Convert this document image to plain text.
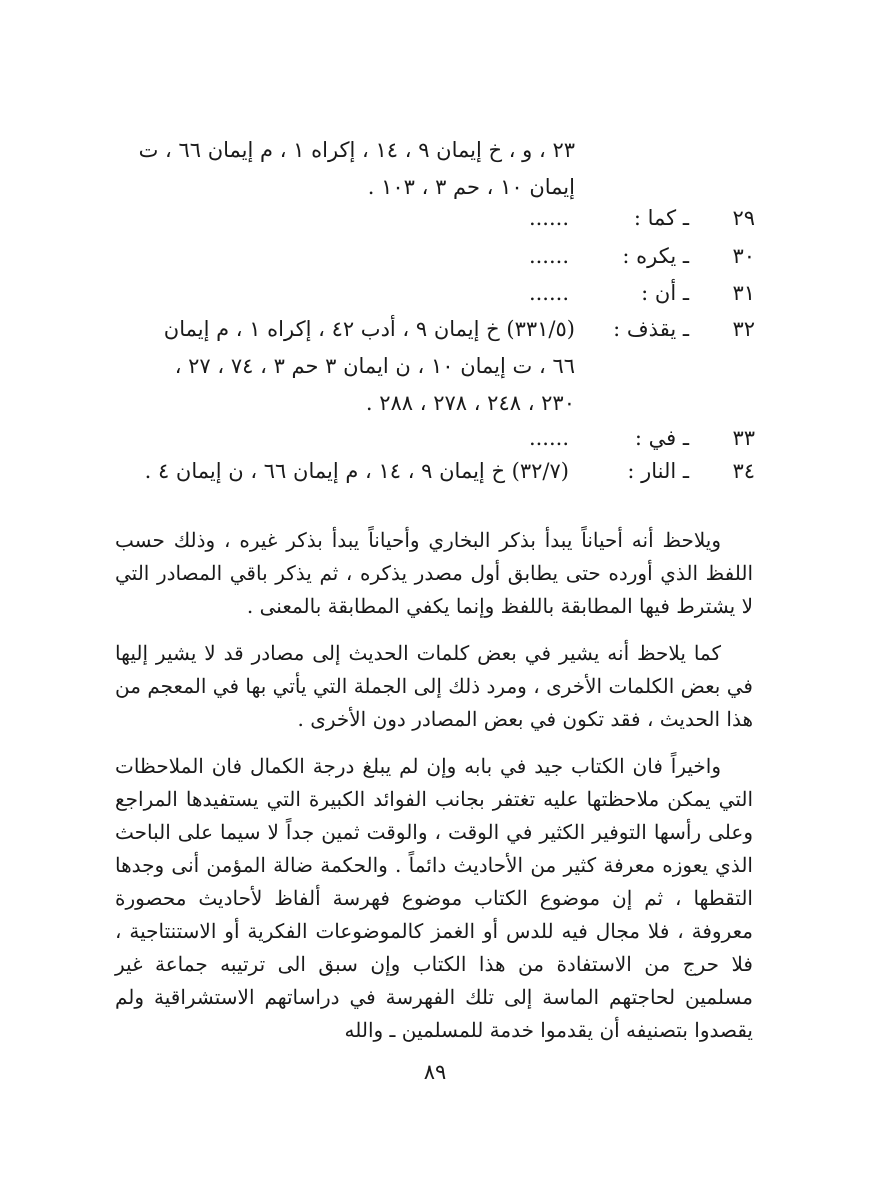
٢٣ ، و ، خ إيمان ٩ ، ١٤ ، إكراه ١ ، م إيمان ٦٦ ، ت
إيمان ١٠ ، حم ٣ ، ١٠٣ .
٢٩
ـ كما :
......
٣٠
ـ يكره :
......
٣١
ـ أن :
......
٣٢
ـ يقذف :
(٣٣١/٥) خ إيمان ٩ ، أدب ٤٢ ، إكراه ١ ، م إيمان
٦٦ ، ت إيمان ١٠ ، ن ايمان ٣ حم ٣ ، ٧٤ ، ٢٧ ،
٢٣٠ ، ٢٤٨ ، ٢٧٨ ، ٢٨٨ .
٣٣
ـ في :
......
٣٤
ـ النار :
(٣٢/٧) خ إيمان ٩ ، ١٤ ، م إيمان ٦٦ ، ن إيمان ٤ .

ويلاحظ أنه أحياناً يبدأ بذكر البخاري وأحياناً يبدأ بذكر غيره ، وذلك حسب اللفظ الذي أورده حتى يطابق أول مصدر يذكره ، ثم يذكر باقي المصادر التي لا يشترط فيها المطابقة باللفظ وإنما يكفي المطابقة بالمعنى .

كما يلاحظ أنه يشير في بعض كلمات الحديث إلى مصادر قد لا يشير إليها في بعض الكلمات الأخرى ، ومرد ذلك إلى الجملة التي يأتي بها في المعجم من هذا الحديث ، فقد تكون في بعض المصادر دون الأخرى .

واخيراً فان الكتاب جيد في بابه وإن لم يبلغ درجة الكمال فان الملاحظات التي يمكن ملاحظتها عليه تغتفر بجانب الفوائد الكبيرة التي يستفيدها المراجع وعلى رأسها التوفير الكثير في الوقت ، والوقت ثمين جداً لا سيما على الباحث الذي يعوزه معرفة كثير من الأحاديث دائماً . والحكمة ضالة المؤمن أنى وجدها التقطها ، ثم إن موضوع الكتاب موضوع فهرسة ألفاظ لأحاديث محصورة معروفة ، فلا مجال فيه للدس أو الغمز كالموضوعات الفكرية أو الاستنتاجية ، فلا حرج من الاستفادة من هذا الكتاب وإن سبق الى ترتيبه جماعة غير مسلمين لحاجتهم الماسة إلى تلك الفهرسة في دراساتهم الاستشراقية ولم يقصدوا بتصنيفه أن يقدموا خدمة للمسلمين ـ والله

٨٩
